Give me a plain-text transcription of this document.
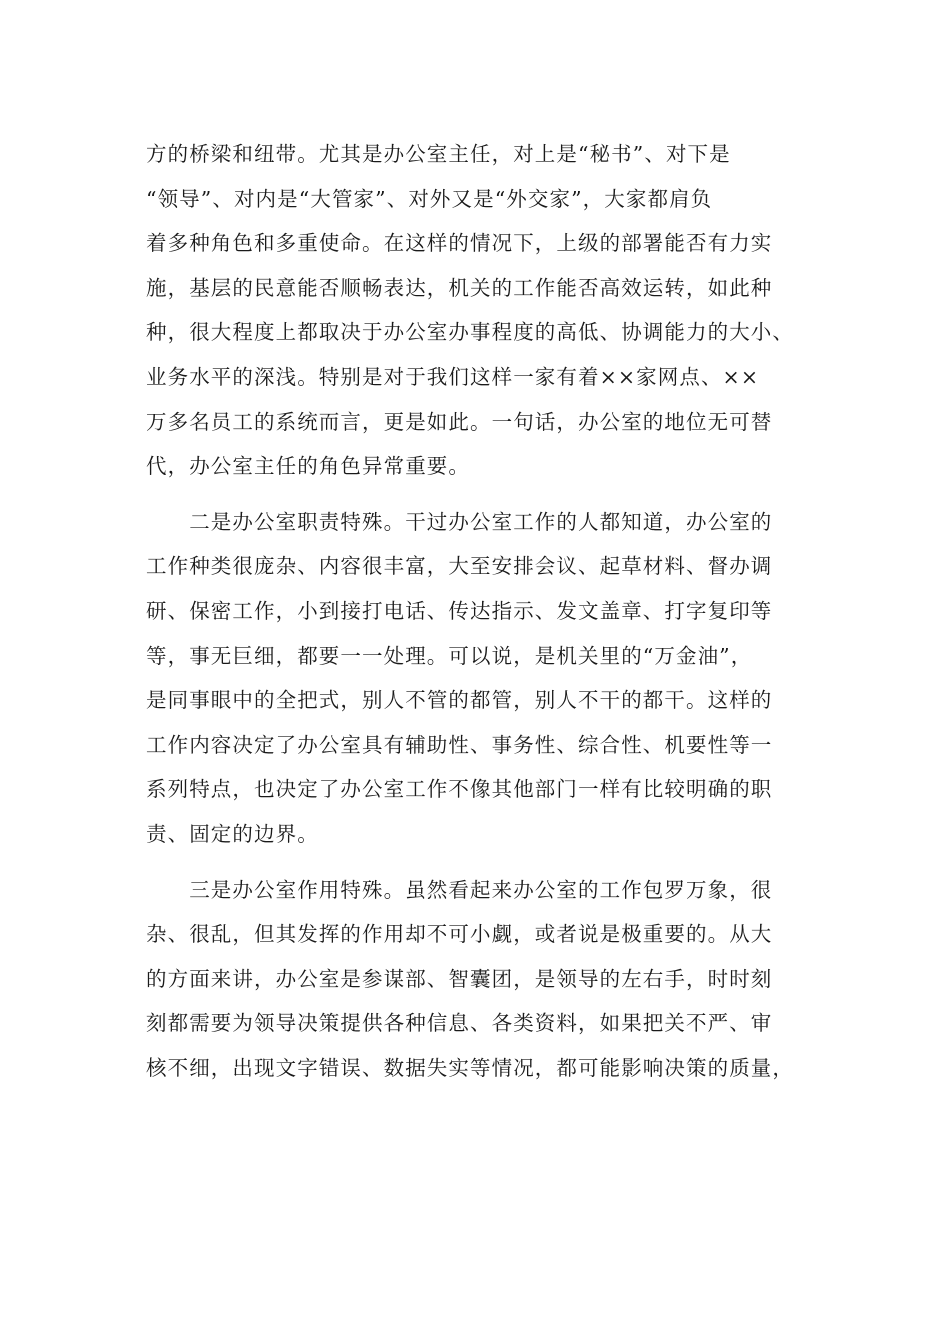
方的桥梁和纽带。尤其是办公室主任，对上是“秘书”、对下是
“领导”、对内是“大管家”、对外又是“外交家”，大家都肩负
着多种角色和多重使命。在这样的情况下，上级的部署能否有力实
施，基层的民意能否顺畅表达，机关的工作能否高效运转，如此种
种，很大程度上都取决于办公室办事程度的高低、协调能力的大小、
业务水平的深浅。特别是对于我们这样一家有着××家网点、××
万多名员工的系统而言，更是如此。一句话，办公室的地位无可替
代，办公室主任的角色异常重要。
　　二是办公室职责特殊。干过办公室工作的人都知道，办公室的
工作种类很庞杂、内容很丰富，大至安排会议、起草材料、督办调
研、保密工作，小到接打电话、传达指示、发文盖章、打字复印等
等，事无巨细，都要一一处理。可以说，是机关里的“万金油”，
是同事眼中的全把式，别人不管的都管，别人不干的都干。这样的
工作内容决定了办公室具有辅助性、事务性、综合性、机要性等一
系列特点，也决定了办公室工作不像其他部门一样有比较明确的职
责、固定的边界。
　　三是办公室作用特殊。虽然看起来办公室的工作包罗万象，很
杂、很乱，但其发挥的作用却不可小觑，或者说是极重要的。从大
的方面来讲，办公室是参谋部、智囊团，是领导的左右手，时时刻
刻都需要为领导决策提供各种信息、各类资料，如果把关不严、审
核不细，出现文字错误、数据失实等情况，都可能影响决策的质量，
